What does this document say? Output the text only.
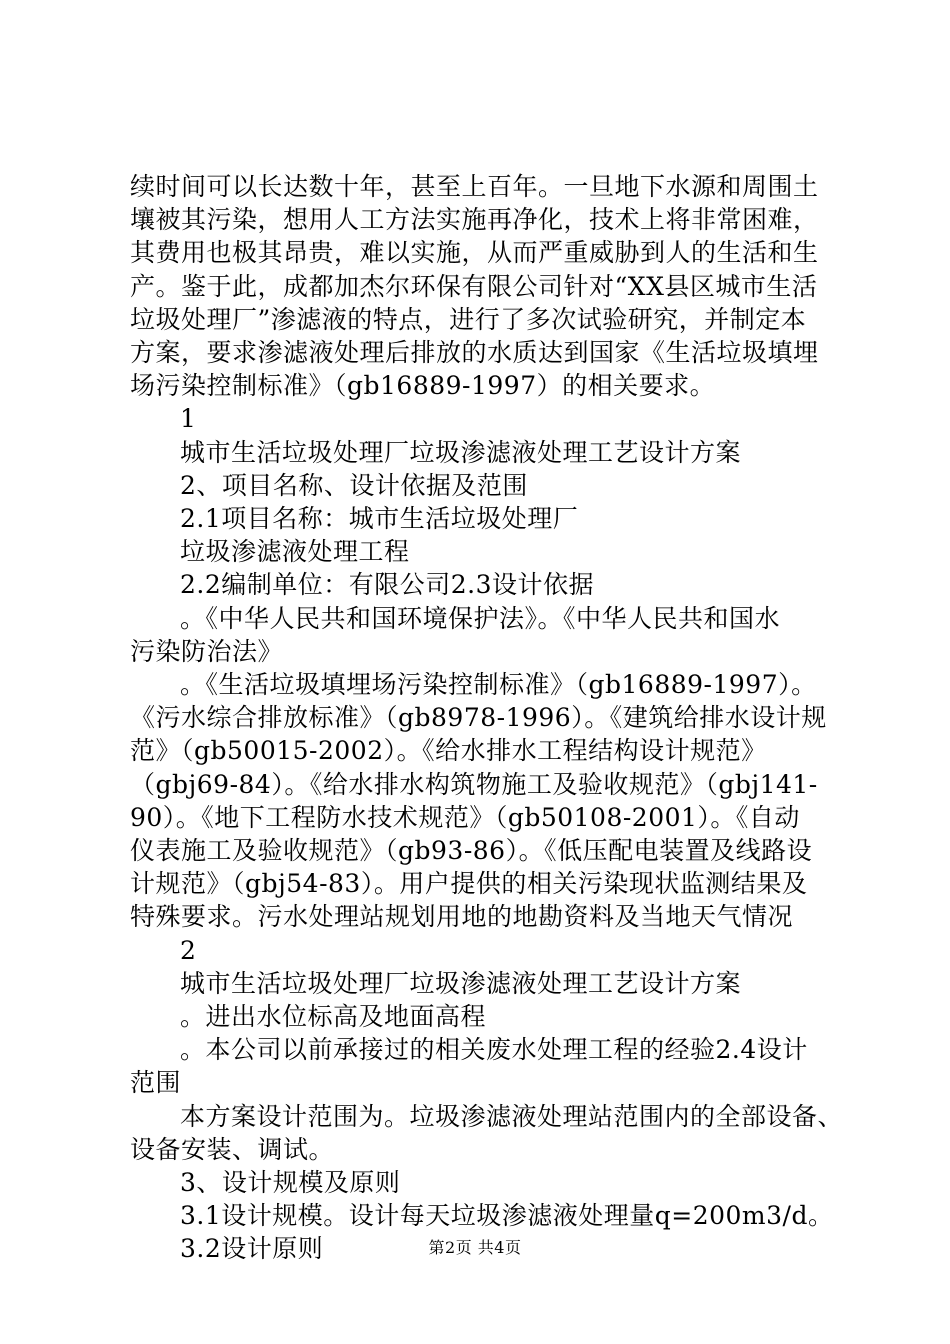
续时间可以长达数十年，甚至上百年。一旦地下水源和周围土
壤被其污染，想用人工方法实施再净化，技术上将非常困难，
其费用也极其昂贵，难以实施，从而严重威胁到人的生活和生
产。鉴于此，成都加杰尔环保有限公司针对“XX县区城市生活
垃圾处理厂”渗滤液的特点，进行了多次试验研究，并制定本
方案，要求渗滤液处理后排放的水质达到国家《生活垃圾填埋
场污染控制标准》（gb16889-1997）的相关要求。
1
城市生活垃圾处理厂垃圾渗滤液处理工艺设计方案
2、项目名称、设计依据及范围
2.1项目名称：城市生活垃圾处理厂
垃圾渗滤液处理工程
2.2编制单位：有限公司2.3设计依据
。《中华人民共和国环境保护法》。《中华人民共和国水
污染防治法》
。《生活垃圾填埋场污染控制标准》（gb16889-1997）。
《污水综合排放标准》（gb8978-1996）。《建筑给排水设计规
范》（gb50015-2002）。《给水排水工程结构设计规范》
（gbj69-84）。《给水排水构筑物施工及验收规范》（gbj141-
90）。《地下工程防水技术规范》（gb50108-2001）。《自动
仪表施工及验收规范》（gb93-86）。《低压配电装置及线路设
计规范》（gbj54-83）。用户提供的相关污染现状监测结果及
特殊要求。污水处理站规划用地的地勘资料及当地天气情况
2
城市生活垃圾处理厂垃圾渗滤液处理工艺设计方案
。进出水位标高及地面高程
。本公司以前承接过的相关废水处理工程的经验2.4设计
范围
本方案设计范围为。垃圾渗滤液处理站范围内的全部设备、
设备安装、调试。
3、设计规模及原则
3.1设计规模。设计每天垃圾渗滤液处理量q=200m3/d。
3.2设计原则	第2页 共4页
